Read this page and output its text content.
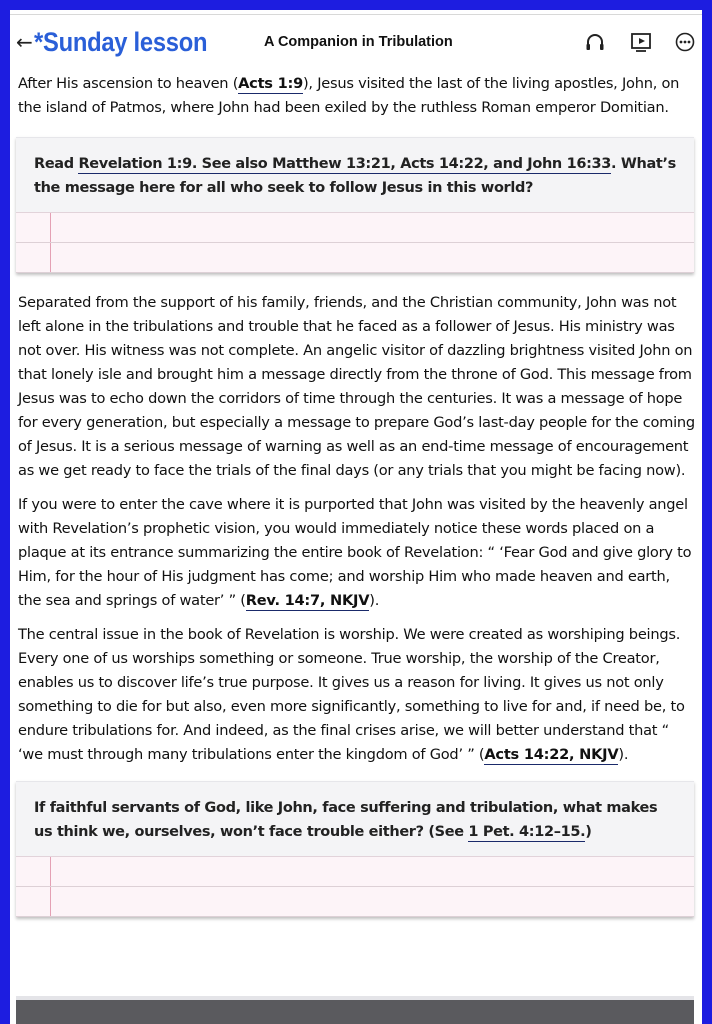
← *Sunday lesson	A Companion in Tribulation

After His ascension to heaven (Acts 1:9), Jesus visited the last of the living apostles, John, on the island of Patmos, where John had been exiled by the ruthless Roman emperor Domitian.

Read Revelation 1:9. See also Matthew 13:21, Acts 14:22, and John 16:33. What’s the message here for all who seek to follow Jesus in this world?

Separated from the support of his family, friends, and the Christian community, John was not left alone in the tribulations and trouble that he faced as a follower of Jesus. His ministry was not over. His witness was not complete. An angelic visitor of dazzling brightness visited John on that lonely isle and brought him a message directly from the throne of God. This message from Jesus was to echo down the corridors of time through the centuries. It was a message of hope for every generation, but especially a message to prepare God’s last-day people for the coming of Jesus. It is a serious message of warning as well as an end-time message of encouragement as we get ready to face the trials of the final days (or any trials that you might be facing now).

If you were to enter the cave where it is purported that John was visited by the heavenly angel with Revelation’s prophetic vision, you would immediately notice these words placed on a plaque at its entrance summarizing the entire book of Revelation: “ ‘Fear God and give glory to Him, for the hour of His judgment has come; and worship Him who made heaven and earth, the sea and springs of water’ ” (Rev. 14:7, NKJV).

The central issue in the book of Revelation is worship. We were created as worshiping beings. Every one of us worships something or someone. True worship, the worship of the Creator, enables us to discover life’s true purpose. It gives us a reason for living. It gives us not only something to die for but also, even more significantly, something to live for and, if need be, to endure tribulations for. And indeed, as the final crises arise, we will better understand that “ ‘we must through many tribulations enter the kingdom of God’ ” (Acts 14:22, NKJV).

If faithful servants of God, like John, face suffering and tribulation, what makes us think we, ourselves, won’t face trouble either? (See 1 Pet. 4:12–15.)
